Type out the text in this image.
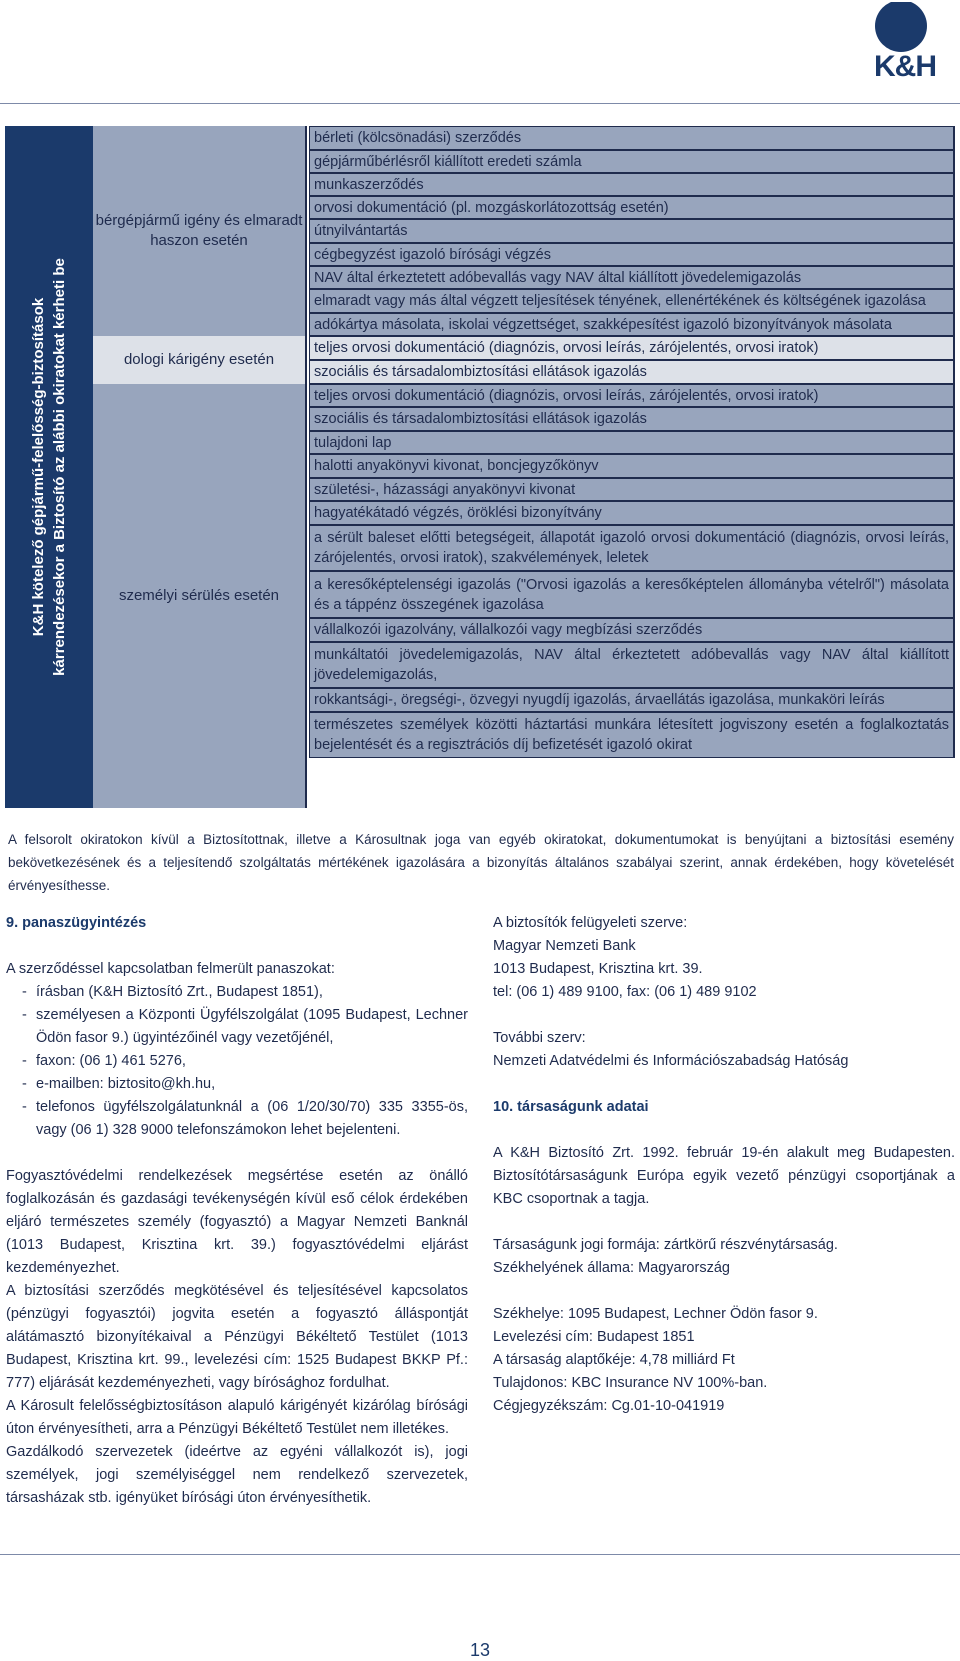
K&H
K&H kötelező gépjármű-felelősség-biztosítások kárrendezésekor a Biztosító az alábbi okiratokat kérheti be
bérgépjármű igény és elmaradt haszon esetén
dologi kárigény esetén
személyi sérülés esetén
bérleti (kölcsönadási) szerződés
gépjárműbérlésről kiállított eredeti számla
munkaszerződés
orvosi dokumentáció (pl. mozgáskorlátozottság esetén)
útnyilvántartás
cégbegyzést igazoló bírósági végzés
NAV által érkeztetett adóbevallás vagy NAV által kiállított jövedelemigazolás
elmaradt vagy más által végzett teljesítések tényének, ellenértékének és költségének igazolása
adókártya másolata, iskolai végzettséget, szakképesítést igazoló bizonyítványok másolata
teljes orvosi dokumentáció (diagnózis, orvosi leírás, zárójelentés, orvosi iratok)
szociális és társadalombiztosítási ellátások igazolás
teljes orvosi dokumentáció (diagnózis, orvosi leírás, zárójelentés, orvosi iratok)
szociális és társadalombiztosítási ellátások igazolás
tulajdoni lap
halotti anyakönyvi kivonat, boncjegyzőkönyv
születési-, házassági anyakönyvi kivonat
hagyatékátadó végzés, öröklési bizonyítvány
a sérült baleset előtti betegségeit, állapotát igazoló orvosi dokumentáció (diagnózis, orvosi leírás, zárójelentés, orvosi iratok), szakvélemények, leletek
a keresőképtelenségi igazolás ("Orvosi igazolás a keresőképtelen állományba vételről") másolata és a táppénz összegének igazolása
vállalkozói igazolvány, vállalkozói vagy megbízási szerződés
munkáltatói jövedelemigazolás, NAV által érkeztetett adóbevallás vagy NAV által kiállított jövedelemigazolás,
rokkantsági-, öregségi-, özvegyi nyugdíj igazolás, árvaellátás igazolása, munkaköri leírás
természetes személyek közötti háztartási munkára létesített jogviszony esetén a foglalkoztatás bejelentését és a regisztrációs díj befizetését igazoló okirat
A felsorolt okiratokon kívül a Biztosítottnak, illetve a Károsultnak joga van egyéb okiratokat, dokumentumokat is benyújtani a biztosítási esemény bekövetkezésének és a teljesítendő szolgáltatás mértékének igazolására a bizonyítás általános szabályai szerint, annak érdekében, hogy követelését érvényesíthesse.

9. panaszügyintézés

A szerződéssel kapcsolatban felmerült panaszokat:

- írásban (K&H Biztosító Zrt., Budapest 1851),
- személyesen a Központi Ügyfélszolgálat (1095 Budapest, Lechner Ödön fasor 9.) ügyintézőinél vagy vezetőjénél,
- faxon: (06 1) 461 5276,
- e-mailben: biztosito@kh.hu,
- telefonos ügyfélszolgálatunknál a (06 1/20/30/70) 335 3355-ös, vagy (06 1) 328 9000 telefonszámokon lehet bejelenteni.

Fogyasztóvédelmi rendelkezések megsértése esetén az önálló foglalkozásán és gazdasági tevékenységén kívül eső célok érdekében eljáró természetes személy (fogyasztó) a Magyar Nemzeti Banknál (1013 Budapest, Krisztina krt. 39.) fogyasztóvédelmi eljárást kezdeményezhet.

A biztosítási szerződés megkötésével és teljesítésével kapcsolatos (pénzügyi fogyasztói) jogvita esetén a fogyasztó álláspontját alátámasztó bizonyítékaival a Pénzügyi Békéltető Testület (1013 Budapest, Krisztina krt. 99., levelezési cím: 1525 Budapest BKKP Pf.: 777) eljárását kezdeményezheti, vagy bírósághoz fordulhat.

A Károsult felelősségbiztosításon alapuló kárigényét kizárólag bírósági úton érvényesítheti, arra a Pénzügyi Békéltető Testület nem illetékes.

Gazdálkodó szervezetek (ideértve az egyéni vállalkozót is), jogi személyek, jogi személyiséggel nem rendelkező szervezetek, társasházak stb. igényüket bírósági úton érvényesíthetik.

A biztosítók felügyeleti szerve:

Magyar Nemzeti Bank

1013 Budapest, Krisztina krt. 39.

tel: (06 1) 489 9100, fax: (06 1) 489 9102

További szerv:

Nemzeti Adatvédelmi és Információszabadság Hatóság

10. társaságunk adatai

A K&H Biztosító Zrt. 1992. február 19-én alakult meg Budapesten. Biztosítótársaságunk Európa egyik vezető pénzügyi csoportjának a KBC csoportnak a tagja.

Társaságunk jogi formája: zártkörű részvénytársaság.

Székhelyének állama: Magyarország

Székhelye: 1095 Budapest, Lechner Ödön fasor 9.

Levelezési cím: Budapest 1851

A társaság alaptőkéje: 4,78 milliárd Ft

Tulajdonos: KBC Insurance NV 100%-ban.

Cégjegyzékszám: Cg.01-10-041919

13
